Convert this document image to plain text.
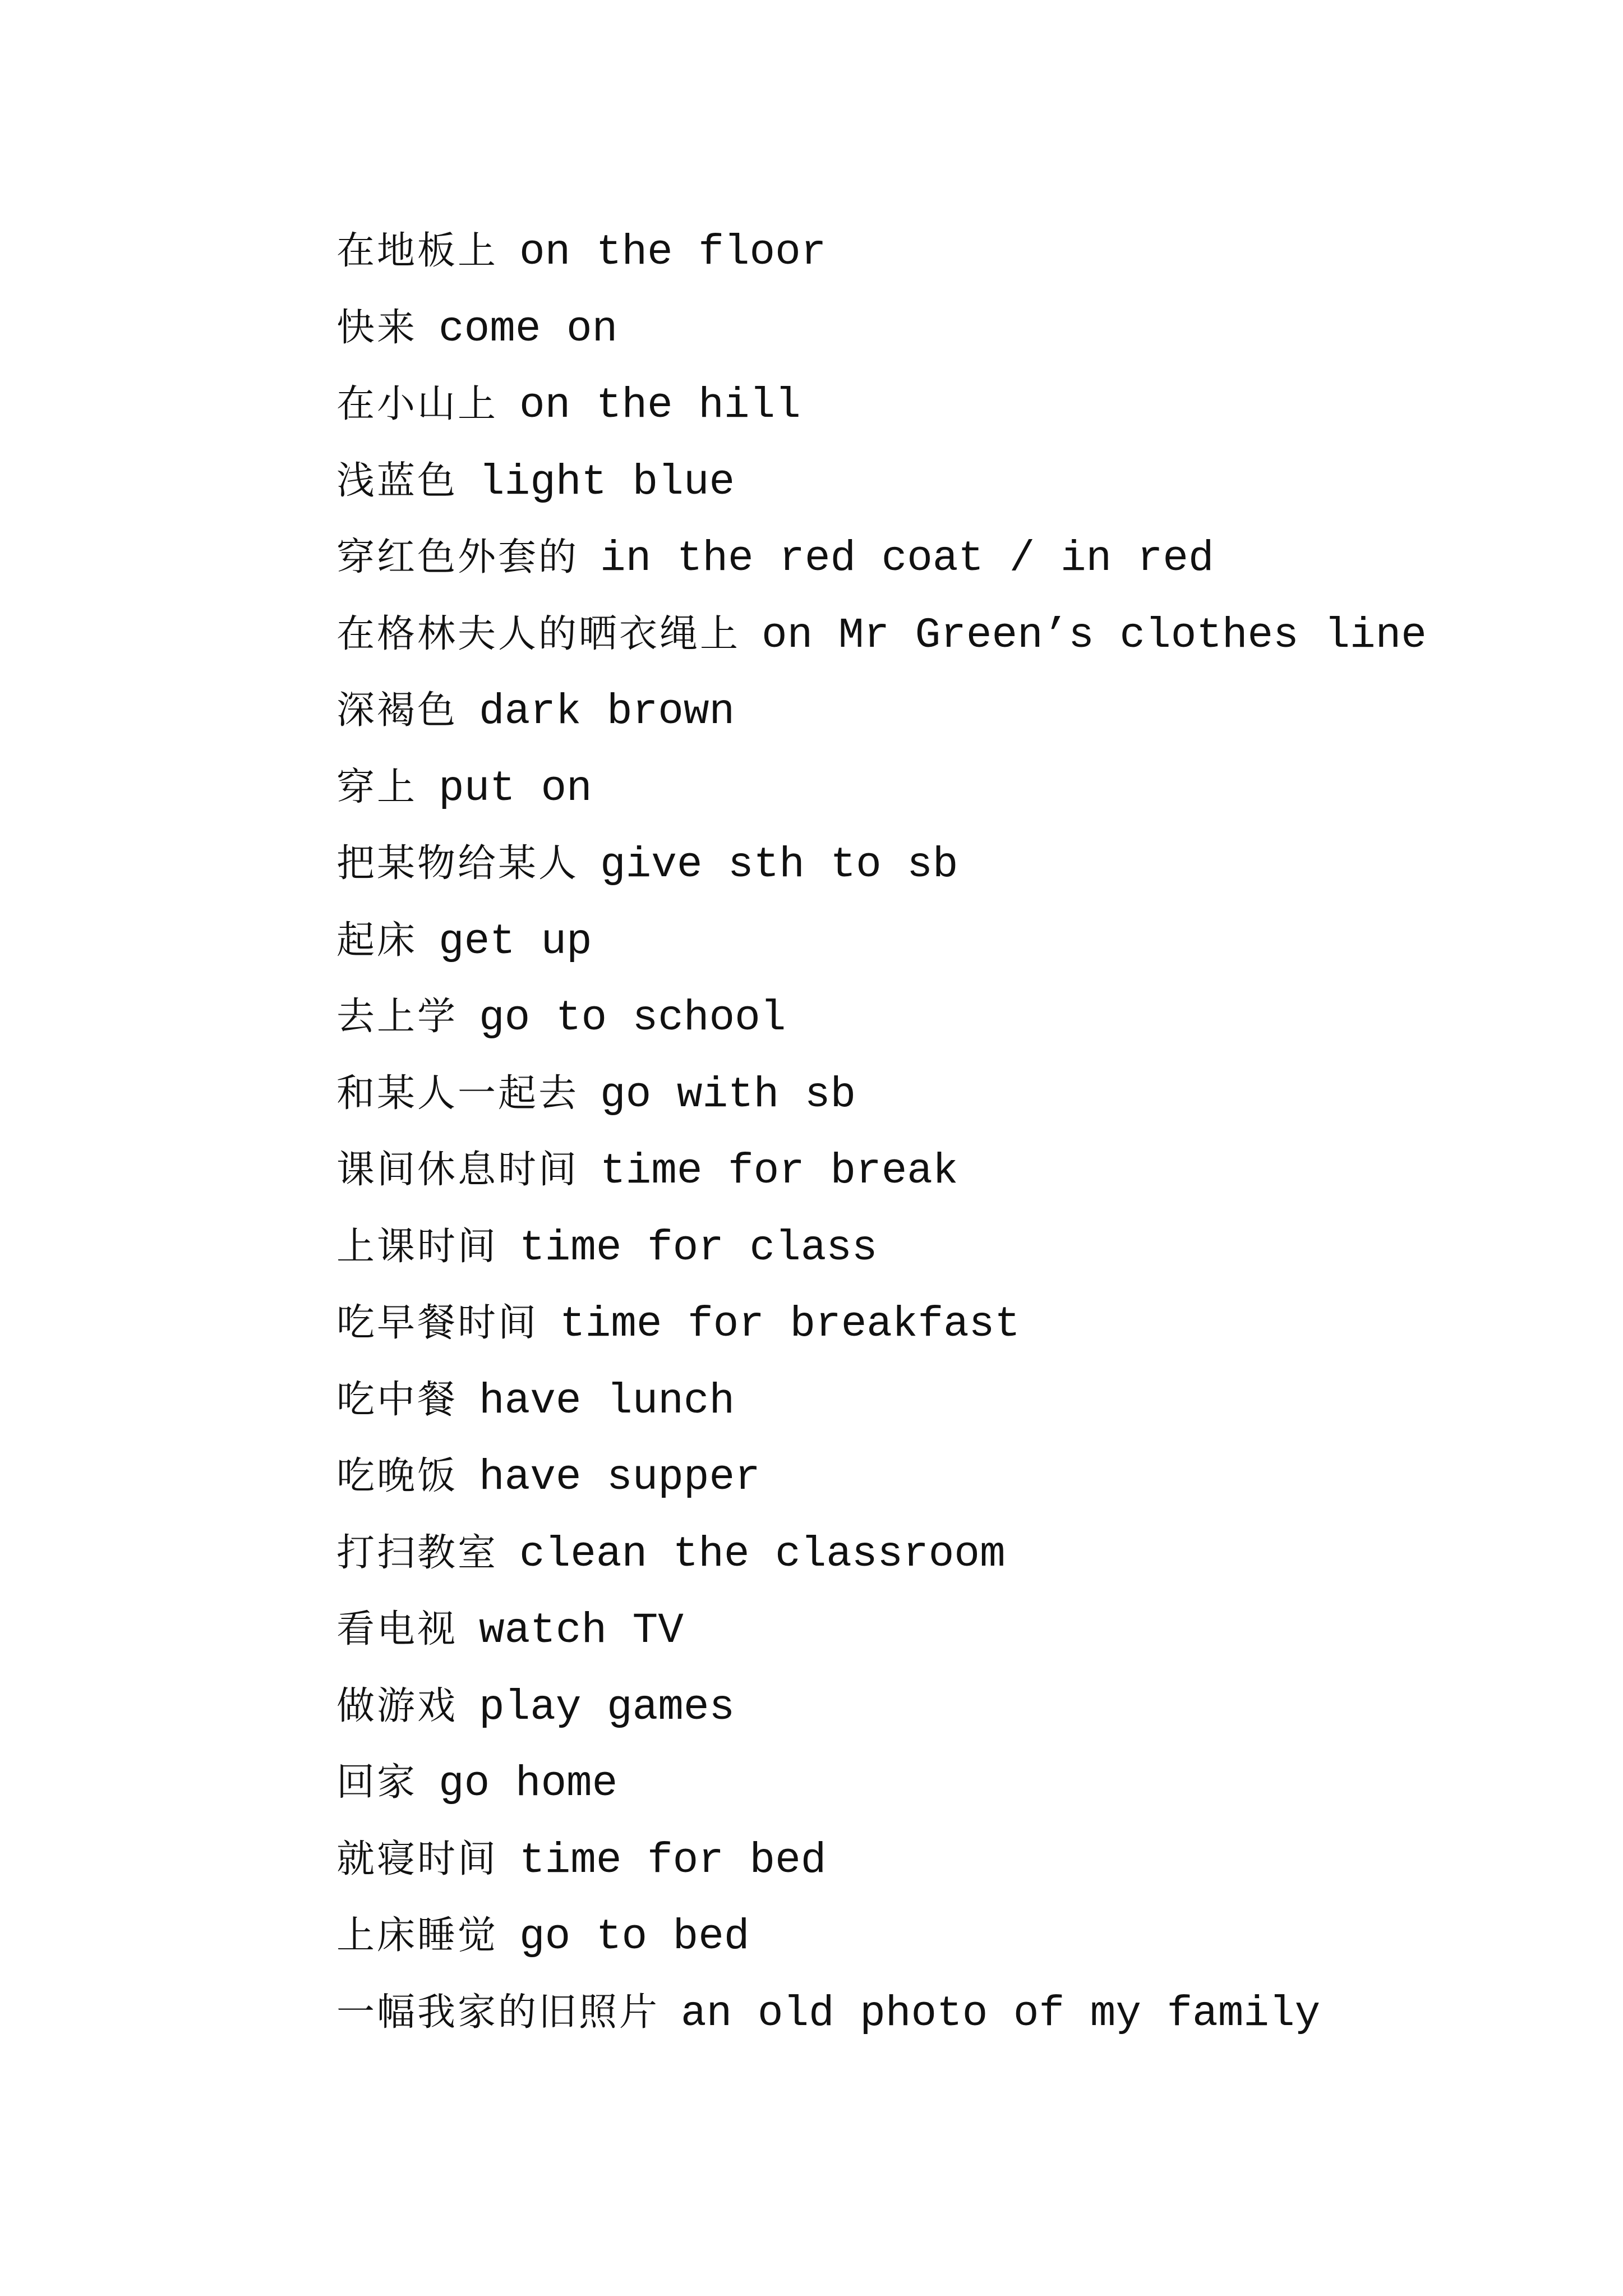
在地板上 on the floor
快来 come on
在小山上 on the hill
浅蓝色 light blue
穿红色外套的 in the red coat / in red
在格林夫人的晒衣绳上 on Mr Green’s clothes line
深褐色 dark brown
穿上 put on
把某物给某人 give sth to sb
起床 get up
去上学 go to school
和某人一起去 go with sb
课间休息时间 time for break
上课时间 time for class
吃早餐时间 time for breakfast
吃中餐 have lunch
吃晚饭 have supper
打扫教室 clean the classroom
看电视 watch TV
做游戏 play games
回家 go home
就寝时间 time for bed
上床睡觉 go to bed
一幅我家的旧照片 an old photo of my family
